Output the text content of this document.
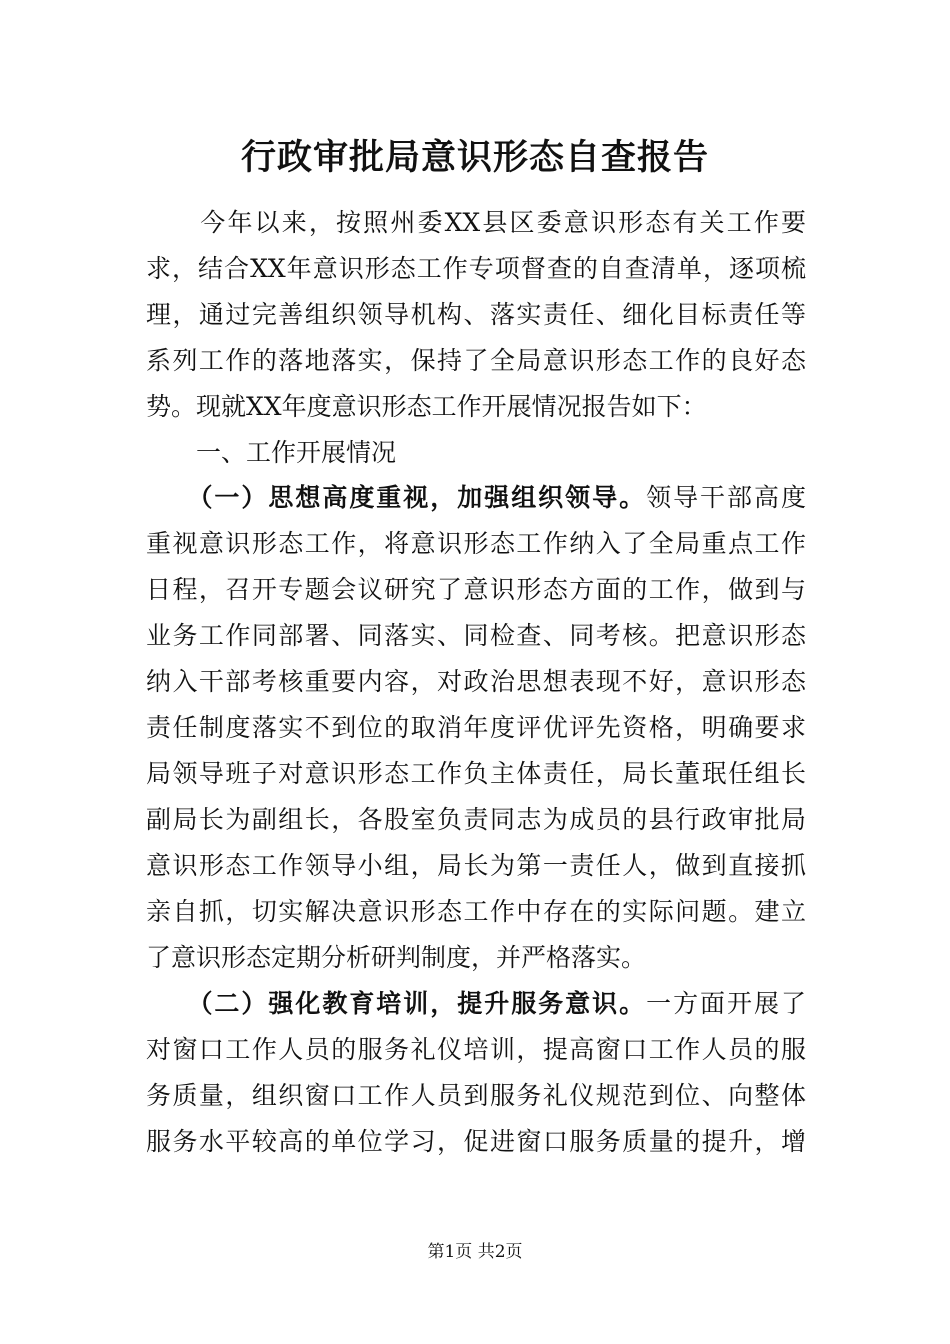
行政审批局意识形态自查报告
　　今年以来，按照州委XX县区委意识形态有关工作要
求，结合XX年意识形态工作专项督查的自查清单，逐项梳
理，通过完善组织领导机构、落实责任、细化目标责任等
系列工作的落地落实，保持了全局意识形态工作的良好态
势。现就XX年度意识形态工作开展情况报告如下：
　　一、工作开展情况
　　（一）思想高度重视，加强组织领导。领导干部高度
重视意识形态工作，将意识形态工作纳入了全局重点工作
日程，召开专题会议研究了意识形态方面的工作，做到与
业务工作同部署、同落实、同检查、同考核。把意识形态
纳入干部考核重要内容，对政治思想表现不好，意识形态
责任制度落实不到位的取消年度评优评先资格，明确要求
局领导班子对意识形态工作负主体责任，局长董珉任组长
副局长为副组长，各股室负责同志为成员的县行政审批局
意识形态工作领导小组，局长为第一责任人，做到直接抓
亲自抓，切实解决意识形态工作中存在的实际问题。建立
了意识形态定期分析研判制度，并严格落实。
　　（二）强化教育培训，提升服务意识。一方面开展了
对窗口工作人员的服务礼仪培训，提高窗口工作人员的服
务质量，组织窗口工作人员到服务礼仪规范到位、向整体
服务水平较高的单位学习，促进窗口服务质量的提升，增
第1页 共2页
